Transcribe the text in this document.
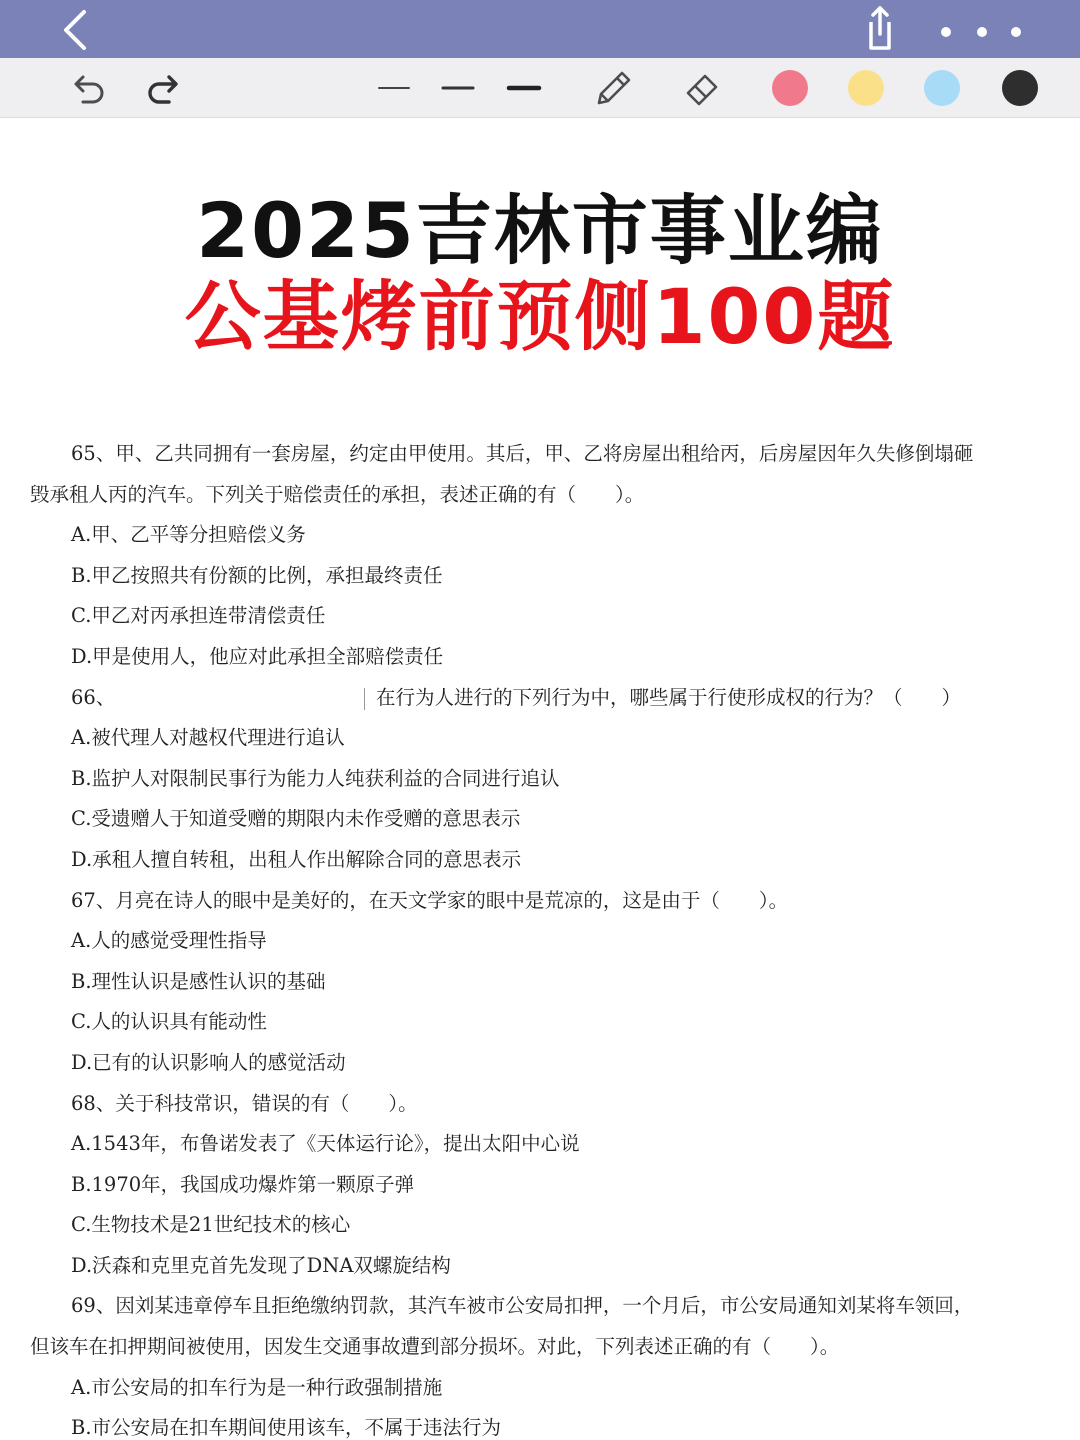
2025吉林市事业编
公基烤前预侧100题
65、甲、乙共同拥有一套房屋，约定由甲使用。其后，甲、乙将房屋出租给丙，后房屋因年久失修倒塌砸
毁承租人丙的汽车。下列关于赔偿责任的承担，表述正确的有（　　）。
A.甲、乙平等分担赔偿义务
B.甲乙按照共有份额的比例，承担最终责任
C.甲乙对丙承担连带清偿责任
D.甲是使用人，他应对此承担全部赔偿责任
66、	在行为人进行的下列行为中，哪些属于行使形成权的行为？（　　）
A.被代理人对越权代理进行追认
B.监护人对限制民事行为能力人纯获利益的合同进行追认
C.受遗赠人于知道受赠的期限内未作受赠的意思表示
D.承租人擅自转租，出租人作出解除合同的意思表示
67、月亮在诗人的眼中是美好的，在天文学家的眼中是荒凉的，这是由于（　　）。
A.人的感觉受理性指导
B.理性认识是感性认识的基础
C.人的认识具有能动性
D.已有的认识影响人的感觉活动
68、关于科技常识，错误的有（　　）。
A.1543年，布鲁诺发表了《天体运行论》，提出太阳中心说
B.1970年，我国成功爆炸第一颗原子弹
C.生物技术是21世纪技术的核心
D.沃森和克里克首先发现了DNA双螺旋结构
69、因刘某违章停车且拒绝缴纳罚款，其汽车被市公安局扣押，一个月后，市公安局通知刘某将车领回，
但该车在扣押期间被使用，因发生交通事故遭到部分损坏。对此，下列表述正确的有（　　）。
A.市公安局的扣车行为是一种行政强制措施
B.市公安局在扣车期间使用该车，不属于违法行为
